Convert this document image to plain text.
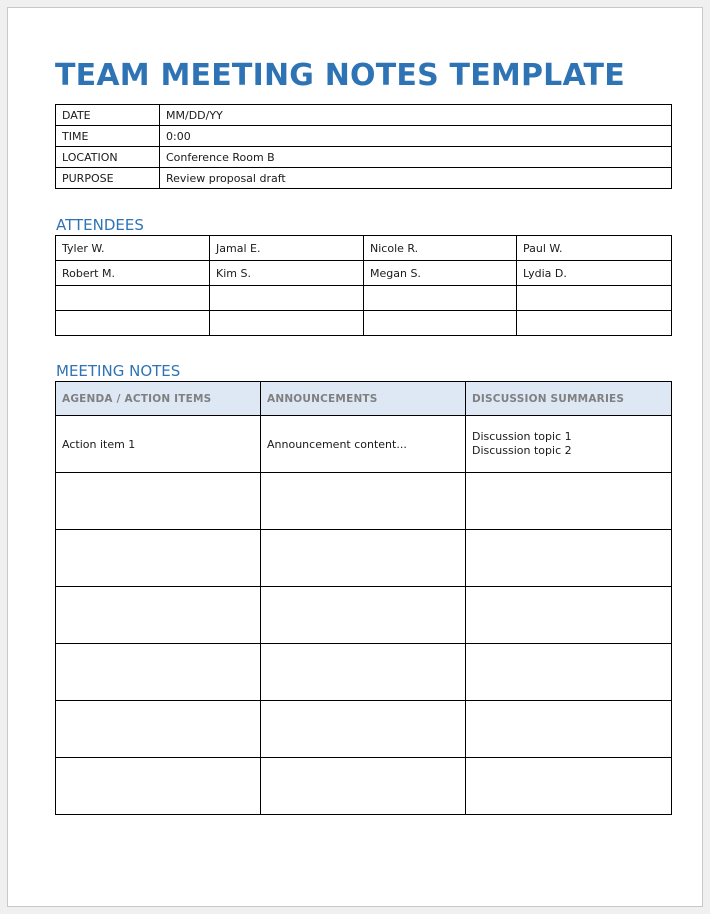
TEAM MEETING NOTES TEMPLATE
DATE	MM/DD/YY
TIME	0:00
LOCATION	Conference Room B
PURPOSE	Review proposal draft
ATTENDEES
Tyler W.	Jamal E.	Nicole R.	Paul W.
Robert M.	Kim S.	Megan S.	Lydia D.

MEETING NOTES
AGENDA / ACTION ITEMS	ANNOUNCEMENTS	DISCUSSION SUMMARIES
Action item 1	Announcement content...	Discussion topic 1
Discussion topic 2
